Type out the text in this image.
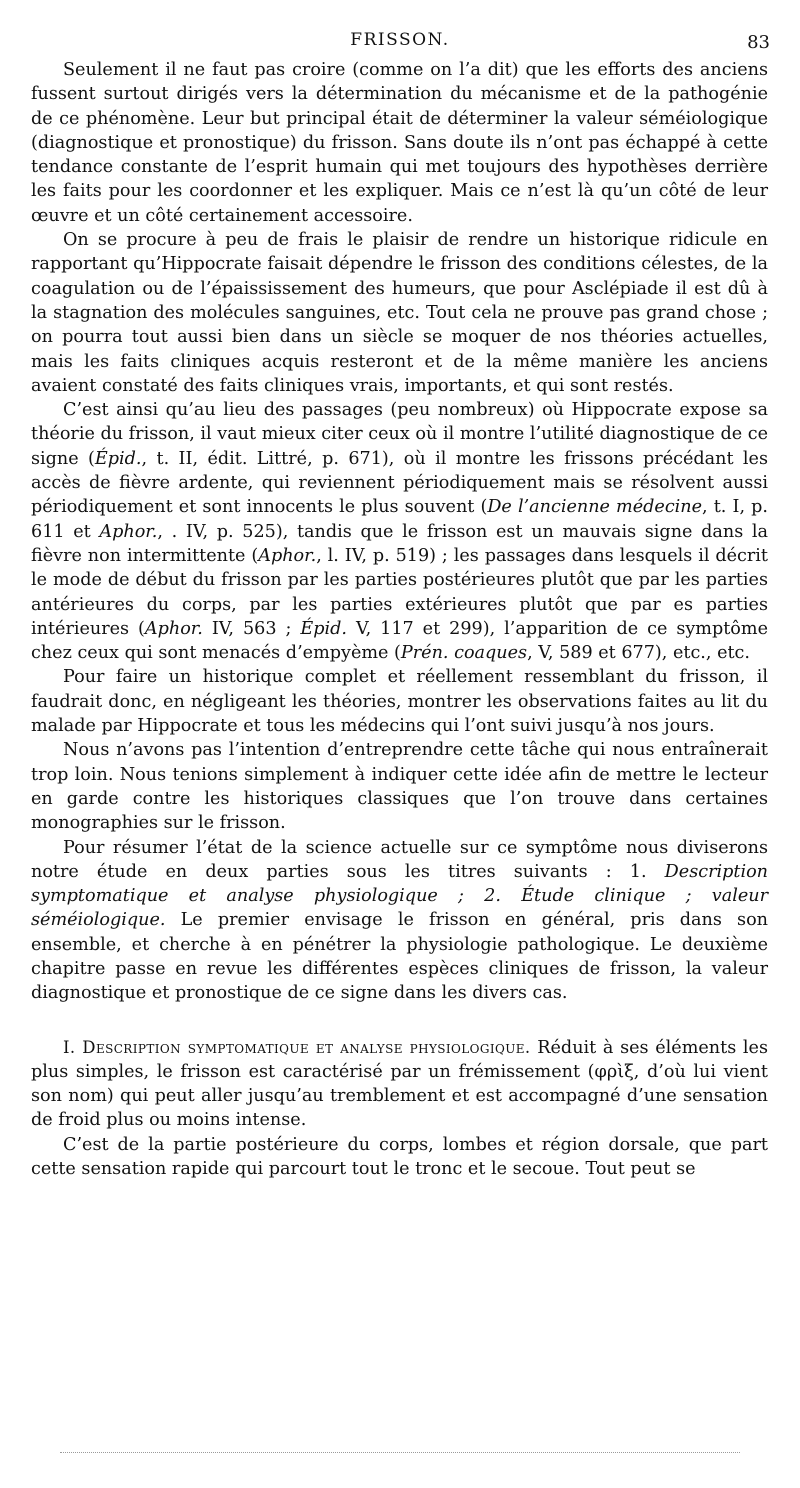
FRISSON.	83

Seulement il ne faut pas croire (comme on l’a dit) que les efforts des anciens fussent surtout dirigés vers la détermination du mécanisme et de la pathogénie de ce phénomène. Leur but principal était de déterminer la valeur séméiologique (diagnostique et pronostique) du frisson. Sans doute ils n’ont pas échappé à cette tendance constante de l’esprit humain qui met toujours des hypothèses derrière les faits pour les coordonner et les expliquer. Mais ce n’est là qu’un côté de leur œuvre et un côté certainement accessoire.

On se procure à peu de frais le plaisir de rendre un historique ridicule en rapportant qu’Hippocrate faisait dépendre le frisson des conditions célestes, de la coagulation ou de l’épaississement des humeurs, que pour Asclépiade il est dû à la stagnation des molécules sanguines, etc. Tout cela ne prouve pas grand chose ; on pourra tout aussi bien dans un siècle se moquer de nos théories actuelles, mais les faits cliniques acquis resteront et de la même manière les anciens avaient constaté des faits cliniques vrais, importants, et qui sont restés.

C’est ainsi qu’au lieu des passages (peu nombreux) où Hippocrate expose sa théorie du frisson, il vaut mieux citer ceux où il montre l’utilité diagnostique de ce signe (Épid., t. II, édit. Littré, p. 671), où il montre les frissons précédant les accès de fièvre ardente, qui reviennent périodiquement mais se résolvent aussi périodiquement et sont innocents le plus souvent (De l’ancienne médecine, t. I, p. 611 et Aphor., . IV, p. 525), tandis que le frisson est un mauvais signe dans la fièvre non intermittente (Aphor., l. IV, p. 519) ; les passages dans lesquels il décrit le mode de début du frisson par les parties postérieures plutôt que par les parties antérieures du corps, par les parties extérieures plutôt que par es parties intérieures (Aphor. IV, 563 ; Épid. V, 117 et 299), l’apparition de ce symptôme chez ceux qui sont menacés d’empyème (Prén. coaques, V, 589 et 677), etc., etc.

Pour faire un historique complet et réellement ressemblant du frisson, il faudrait donc, en négligeant les théories, montrer les observations faites au lit du malade par Hippocrate et tous les médecins qui l’ont suivi jusqu’à nos jours.

Nous n’avons pas l’intention d’entreprendre cette tâche qui nous entraînerait trop loin. Nous tenions simplement à indiquer cette idée afin de mettre le lecteur en garde contre les historiques classiques que l’on trouve dans certaines monographies sur le frisson.

Pour résumer l’état de la science actuelle sur ce symptôme nous diviserons notre étude en deux parties sous les titres suivants : 1. Description symptomatique et analyse physiologique ; 2. Étude clinique ; valeur séméiologique. Le premier envisage le frisson en général, pris dans son ensemble, et cherche à en pénétrer la physiologie pathologique. Le deuxième chapitre passe en revue les différentes espèces cliniques de frisson, la valeur diagnostique et pronostique de ce signe dans les divers cas.

I. Description symptomatique et analyse physiologique. Réduit à ses éléments les plus simples, le frisson est caractérisé par un frémissement (φρὶξ, d’où lui vient son nom) qui peut aller jusqu’au tremblement et est accompagné d’une sensation de froid plus ou moins intense.

C’est de la partie postérieure du corps, lombes et région dorsale, que part cette sensation rapide qui parcourt tout le tronc et le secoue. Tout peut se
